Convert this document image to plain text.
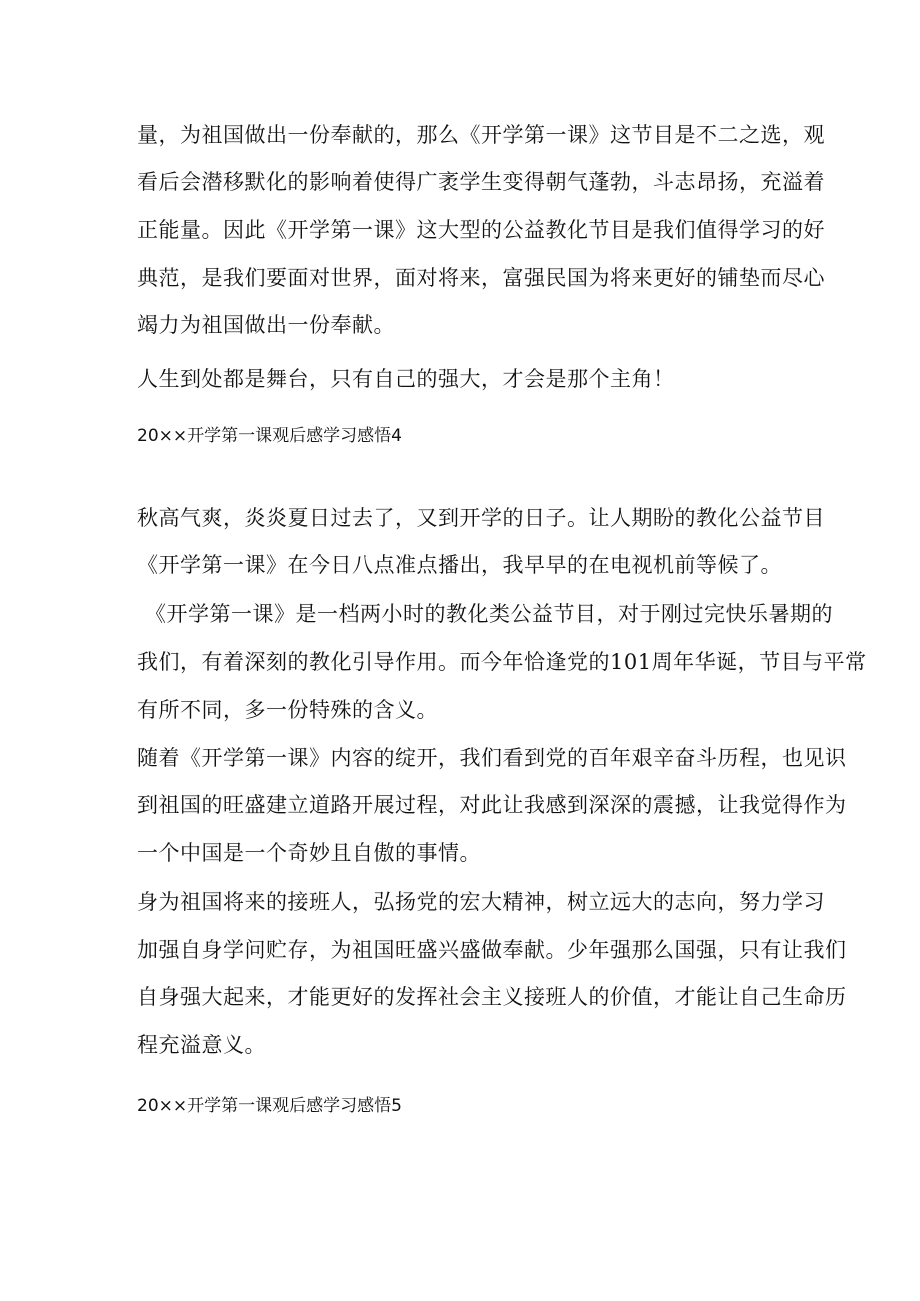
量，为祖国做出一份奉献的，那么《开学第一课》这节目是不二之选，观
看后会潜移默化的影响着使得广袤学生变得朝气蓬勃，斗志昂扬，充溢着
正能量。因此《开学第一课》这大型的公益教化节目是我们值得学习的好
典范，是我们要面对世界，面对将来，富强民国为将来更好的铺垫而尽心
竭力为祖国做出一份奉献。
人生到处都是舞台，只有自己的强大，才会是那个主角！
20××开学第一课观后感学习感悟4
秋高气爽，炎炎夏日过去了，又到开学的日子。让人期盼的教化公益节目
《开学第一课》在今日八点准点播出，我早早的在电视机前等候了。
《开学第一课》是一档两小时的教化类公益节目，对于刚过完快乐暑期的
我们，有着深刻的教化引导作用。而今年恰逢党的101周年华诞，节目与平常
有所不同，多一份特殊的含义。
随着《开学第一课》内容的绽开，我们看到党的百年艰辛奋斗历程，也见识
到祖国的旺盛建立道路开展过程，对此让我感到深深的震撼，让我觉得作为
一个中国是一个奇妙且自傲的事情。
身为祖国将来的接班人，弘扬党的宏大精神，树立远大的志向，努力学习
加强自身学问贮存，为祖国旺盛兴盛做奉献。少年强那么国强，只有让我们
自身强大起来，才能更好的发挥社会主义接班人的价值，才能让自己生命历
程充溢意义。
20××开学第一课观后感学习感悟5
